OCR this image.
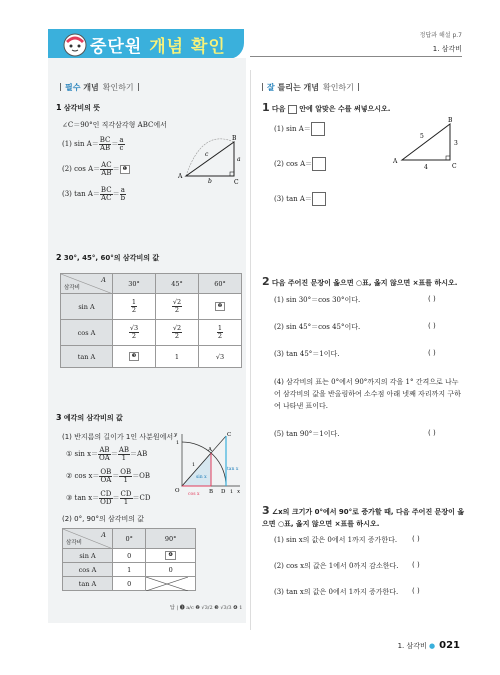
중단원 개념 확인
정답과 해설 p.7
1. 삼각비
필수 개념 확인하기
1 삼각비의 뜻
∠C＝90°인 직각삼각형 ABC에서
(1) $\sin A= \frac{BC}{AB} = \frac{a}{c}$
(2) $\cos A= \frac{AC}{AB}$ ＝ ❶
(3) $\tan A= \frac{BC}{AC} = \frac{a}{b}$
A
B
C
a
b
c
2 30°, 45°, 60°의 삼각비의 값
A
삼각비	30°	45°	60°
sin A	$\frac{1}{2}$	$\frac{√2}{2}$	❷
cos A	$\frac{√3}{2}$	$\frac{√2}{2}$	$\frac{1}{2}$

tan A	❸	1	√3
3 예각의 삼각비의 값
(1) 반지름의 길이가 1인 사분원에서
① $\sin x= \frac{AB}{OA} = \frac{AB}{1} =AB$
② $\cos x= \frac{OB}{OA} = \frac{OB}{1} =OB$
③ $\tan x= \frac{CD}{OD} = \frac{CD}{1} =CD$
y
1
1
A
C
O	B D 1 x
sin x
cos x
tan x
(2) 0°, 90°의 삼각비의 값
A
삼각비	0°	90°
sin A	0	❹
cos A	1	0
tan A	0	
답 | ❶ a/c ❷ √3/2 ❸ √3/3 ❹ 1
잘 틀리는 개념 확인하기
1 다음 안에 알맞은 수를 써넣으시오.
(1) sin A＝
(2) cos A＝
(3) tan A＝
A
B
C
5
3
4
2 다음 주어진 문장이 옳으면 ○표, 옳지 않으면 ×표를 하시오.
(1) sin 30°＝cos 30°이다.	( )
(2) sin 45°＝cos 45°이다.	( )
(3) tan 45°＝1이다.	( )
(4) 삼각비의 표는 0°에서 90°까지의 각을 1° 간격으로 나누어 삼각비의 값을 반올림하여 소수점 아래 넷째 자리까지 구하여 나타낸 표이다.
(5) tan 90°＝1이다.	( )
3 ∠x의 크기가 0°에서 90°로 증가할 때, 다음 주어진 문장이 옳으면 ○표, 옳지 않으면 ×표를 하시오.
(1) sin x의 값은 0에서 1까지 증가한다. ( )
(2) cos x의 값은 1에서 0까지 감소한다. ( )
(3) tan x의 값은 0에서 1까지 증가한다. ( )
1. 삼각비 ● 021
